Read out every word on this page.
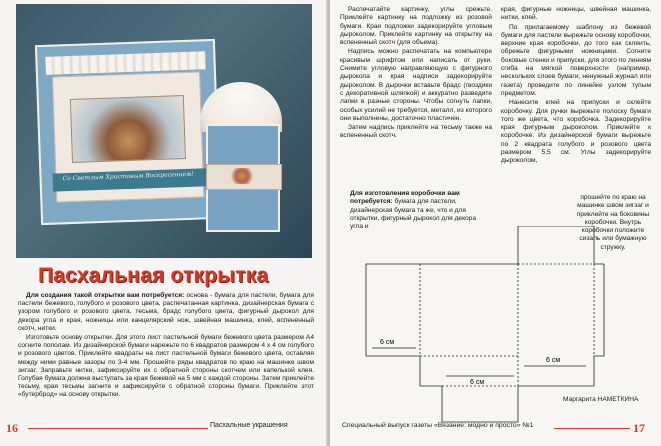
Со Светлым Христовым Воскресением!
Пасхальная открытка

Для создания такой открытки вам потребуется: основа - бумага для пастели, бумага для пастели бежевого, голубого и розового цвета, распечатанная картинка, дизайнерская бумага с узором голубого и розового цвета, тесьма, брадс голубого цвета, фигурный дырокол для декора угла и края, ножницы или канцелярский нож, швейная машинка, клей, вспененный скотч, нитки.

Изготовьте основу открытки. Для этого лист пастельной бумаги бежевого цвета размером А4 согните пополам. Из дизайнерской бумаги нарежьте по 6 квадратов размером 4 х 4 см голубого и розового цветов. Приклейте квадраты на лист пастельной бумаги бежевого цвета, оставляя между ними равные зазоры по 3-4 мм. Прошейте ряды квадратов по краю на машинке швом зигзаг. Заправьте нитки, зафиксируйте их с обратной стороны скотчем или капелькой клея. Голубая бумага должна выступать за края бежевой на 5 мм с каждой стороны. Затем приклейте тесьму, края тесьмы загните и зафиксируйте с обратной стороны бумаги. Приклейте этот «бутерброд» на основу открытки.

16	Пасхальные украшения

Распечатайте картинку, углы срежьте. Приклейте картинку на подложку из розовой бумаги. Края подложки задекорируйте угловым дыроколом. Приклейте картинку на открытку на вспененный скотч (для объема).

Надпись можно распечатать на компьютере красивым шрифтом или написать от руки. Снимите угловую направляющую с фигурного дырокола и края надписи задекорируйте дыроколом. В дырочки вставьте брадс (гвоздики с декоративной шляпкой) и аккуратно разведите лапки в разные стороны. Чтобы согнуть лапки, особых усилий не требуется, металл, из которого они выполнены, достаточно пластичен.

Затем надпись приклейте на тесьму также на вспененный скотч.

Для изготовления коробочки вам потребуется: бумага для пастели, дизайнерская бумага та же, что и для открытки, фигурный дырокол для декора угла и

края, фигурные ножницы, швейная машинка, нитки, клей.

По прилагаемому шаблону из бежевой бумаги для пастели вырежьте основу коробочки, верхние края коробочки, до того как склеить, обрежьте фигурными ножницами. Согните боковые стенки и припуски, для этого по линиям сгиба на мягкой поверхности (например, нескольких слоев бумаги, ненужный журнал или газета) проведите по линейке узлом тупым предметом.

Нанесите клей на припуски и склейте коробочку. Для ручки вырежьте полоску бумаги того же цвета, что коробочка. Задекорируйте края фигурным дыроколом. Приклейте к коробочке. Из дизайнерской бумаги вырежьте по 2 квадрата голубого и розового цвета размером 5,5 см. Углы задекорируйте дыроколом,

прошейте по краю на машинке швом зигзаг и приклейте на боковины коробочки. Внутрь коробочки положите сизаль или бумажную стружку.
6 см
6 см
6 см
Маргарита НАМЕТКИНА
Специальный выпуск газеты «Вязание: модно и просто» №1	17
